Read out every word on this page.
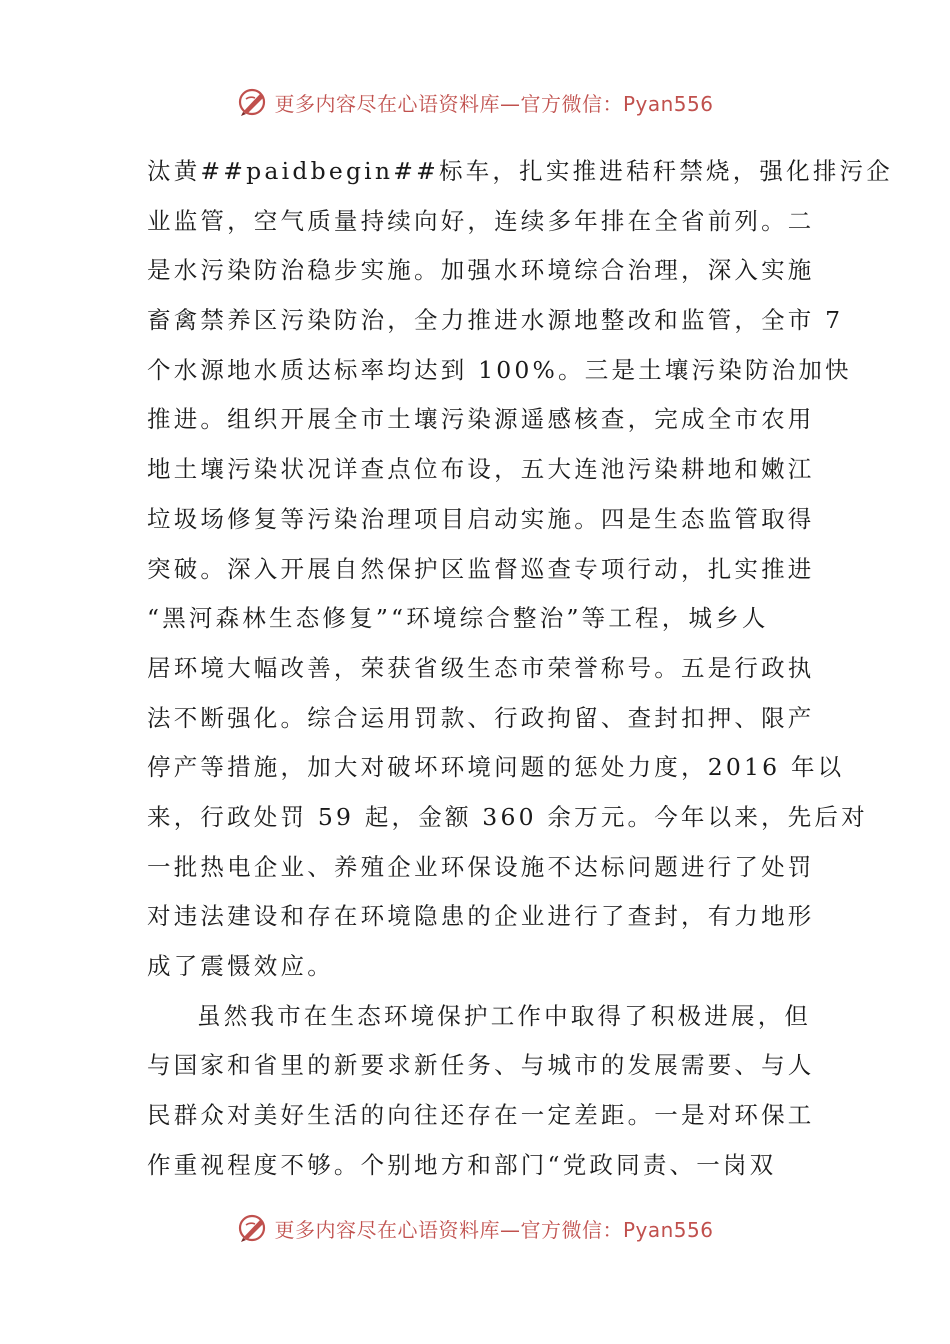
更多内容尽在心语资料库—官方微信：Pyan556
汰黄##paidbegin##标车，扎实推进秸秆禁烧，强化排污企
业监管，空气质量持续向好，连续多年排在全省前列。二
是水污染防治稳步实施。加强水环境综合治理，深入实施
畜禽禁养区污染防治，全力推进水源地整改和监管，全市 7
个水源地水质达标率均达到 100%。三是土壤污染防治加快
推进。组织开展全市土壤污染源遥感核查，完成全市农用
地土壤污染状况详查点位布设，五大连池污染耕地和嫩江
垃圾场修复等污染治理项目启动实施。四是生态监管取得
突破。深入开展自然保护区监督巡查专项行动，扎实推进
“黑河森林生态修复”“环境综合整治”等工程，城乡人
居环境大幅改善，荣获省级生态市荣誉称号。五是行政执
法不断强化。综合运用罚款、行政拘留、查封扣押、限产
停产等措施，加大对破坏环境问题的惩处力度，2016 年以
来，行政处罚 59 起，金额 360 余万元。今年以来，先后对
一批热电企业、养殖企业环保设施不达标问题进行了处罚
对违法建设和存在环境隐患的企业进行了查封，有力地形
成了震慑效应。
虽然我市在生态环境保护工作中取得了积极进展，但
与国家和省里的新要求新任务、与城市的发展需要、与人
民群众对美好生活的向往还存在一定差距。一是对环保工
作重视程度不够。个别地方和部门“党政同责、一岗双
更多内容尽在心语资料库—官方微信：Pyan556
